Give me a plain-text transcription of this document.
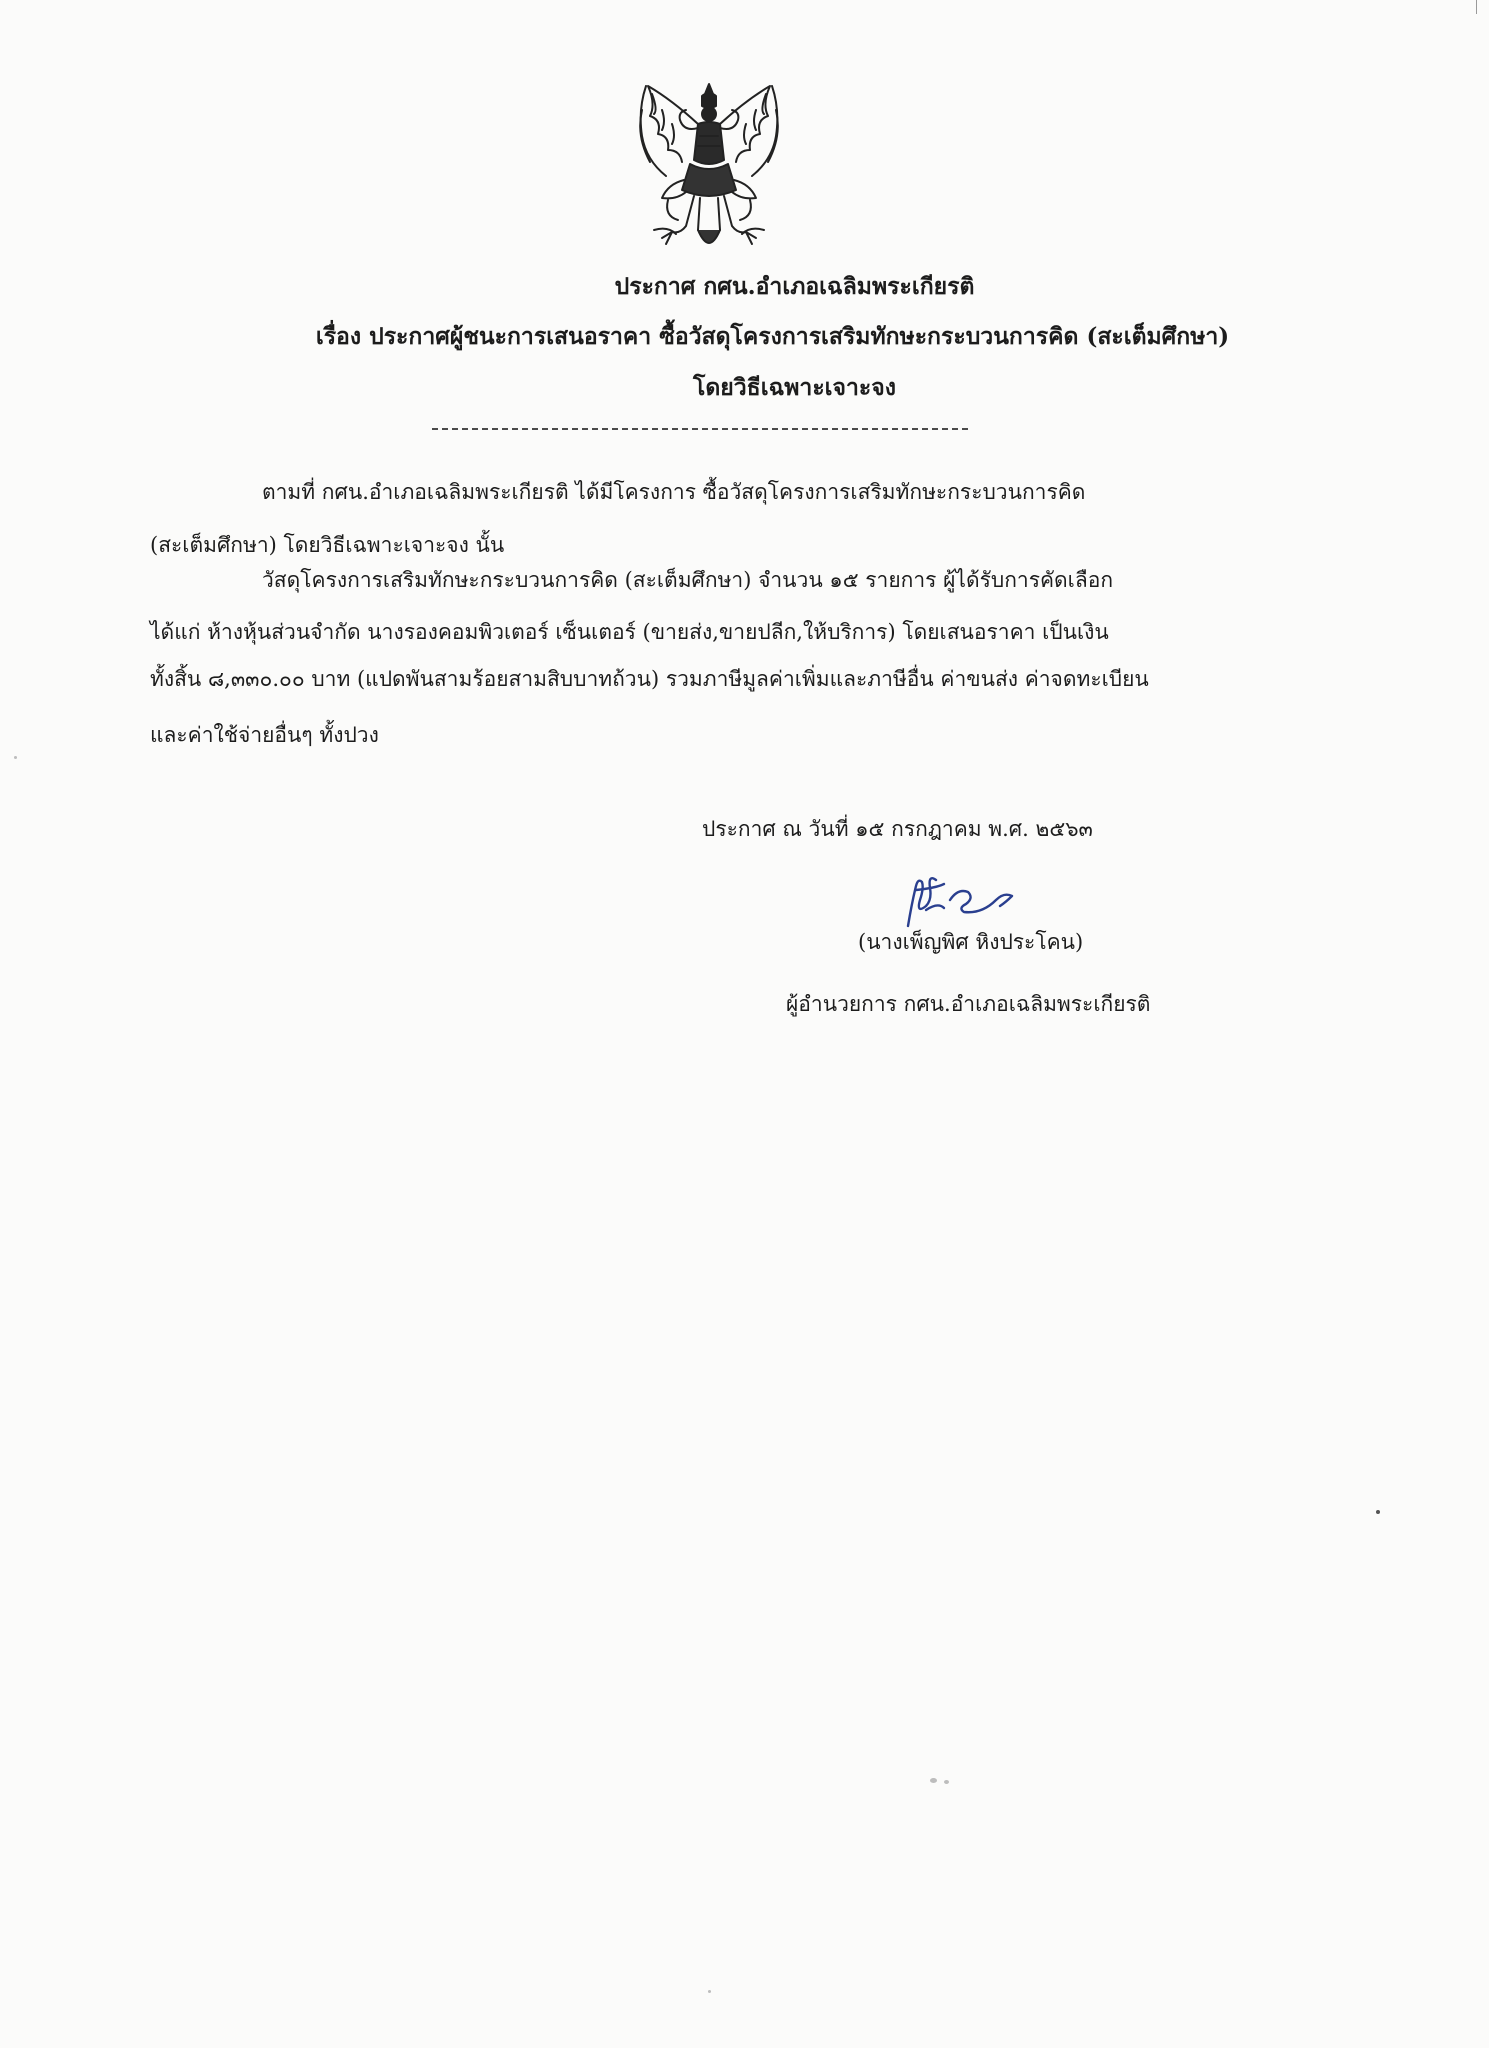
ประกาศ กศน.อำเภอเฉลิมพระเกียรติ
เรื่อง ประกาศผู้ชนะการเสนอราคา ซื้อวัสดุโครงการเสริมทักษะกระบวนการคิด (สะเต็มศึกษา)
โดยวิธีเฉพาะเจาะจง
ตามที่ กศน.อำเภอเฉลิมพระเกียรติ ได้มีโครงการ ซื้อวัสดุโครงการเสริมทักษะกระบวนการคิด
(สะเต็มศึกษา) โดยวิธีเฉพาะเจาะจง นั้น
วัสดุโครงการเสริมทักษะกระบวนการคิด (สะเต็มศึกษา) จำนวน ๑๕ รายการ ผู้ได้รับการคัดเลือก
ได้แก่ ห้างหุ้นส่วนจำกัด นางรองคอมพิวเตอร์ เซ็นเตอร์ (ขายส่ง,ขายปลีก,ให้บริการ) โดยเสนอราคา เป็นเงิน
ทั้งสิ้น ๘,๓๓๐.๐๐ บาท (แปดพันสามร้อยสามสิบบาทถ้วน) รวมภาษีมูลค่าเพิ่มและภาษีอื่น ค่าขนส่ง ค่าจดทะเบียน
และค่าใช้จ่ายอื่นๆ ทั้งปวง
ประกาศ ณ วันที่ ๑๕ กรกฎาคม พ.ศ. ๒๕๖๓
(นางเพ็ญพิศ หิงประโคน)
ผู้อำนวยการ กศน.อำเภอเฉลิมพระเกียรติ
